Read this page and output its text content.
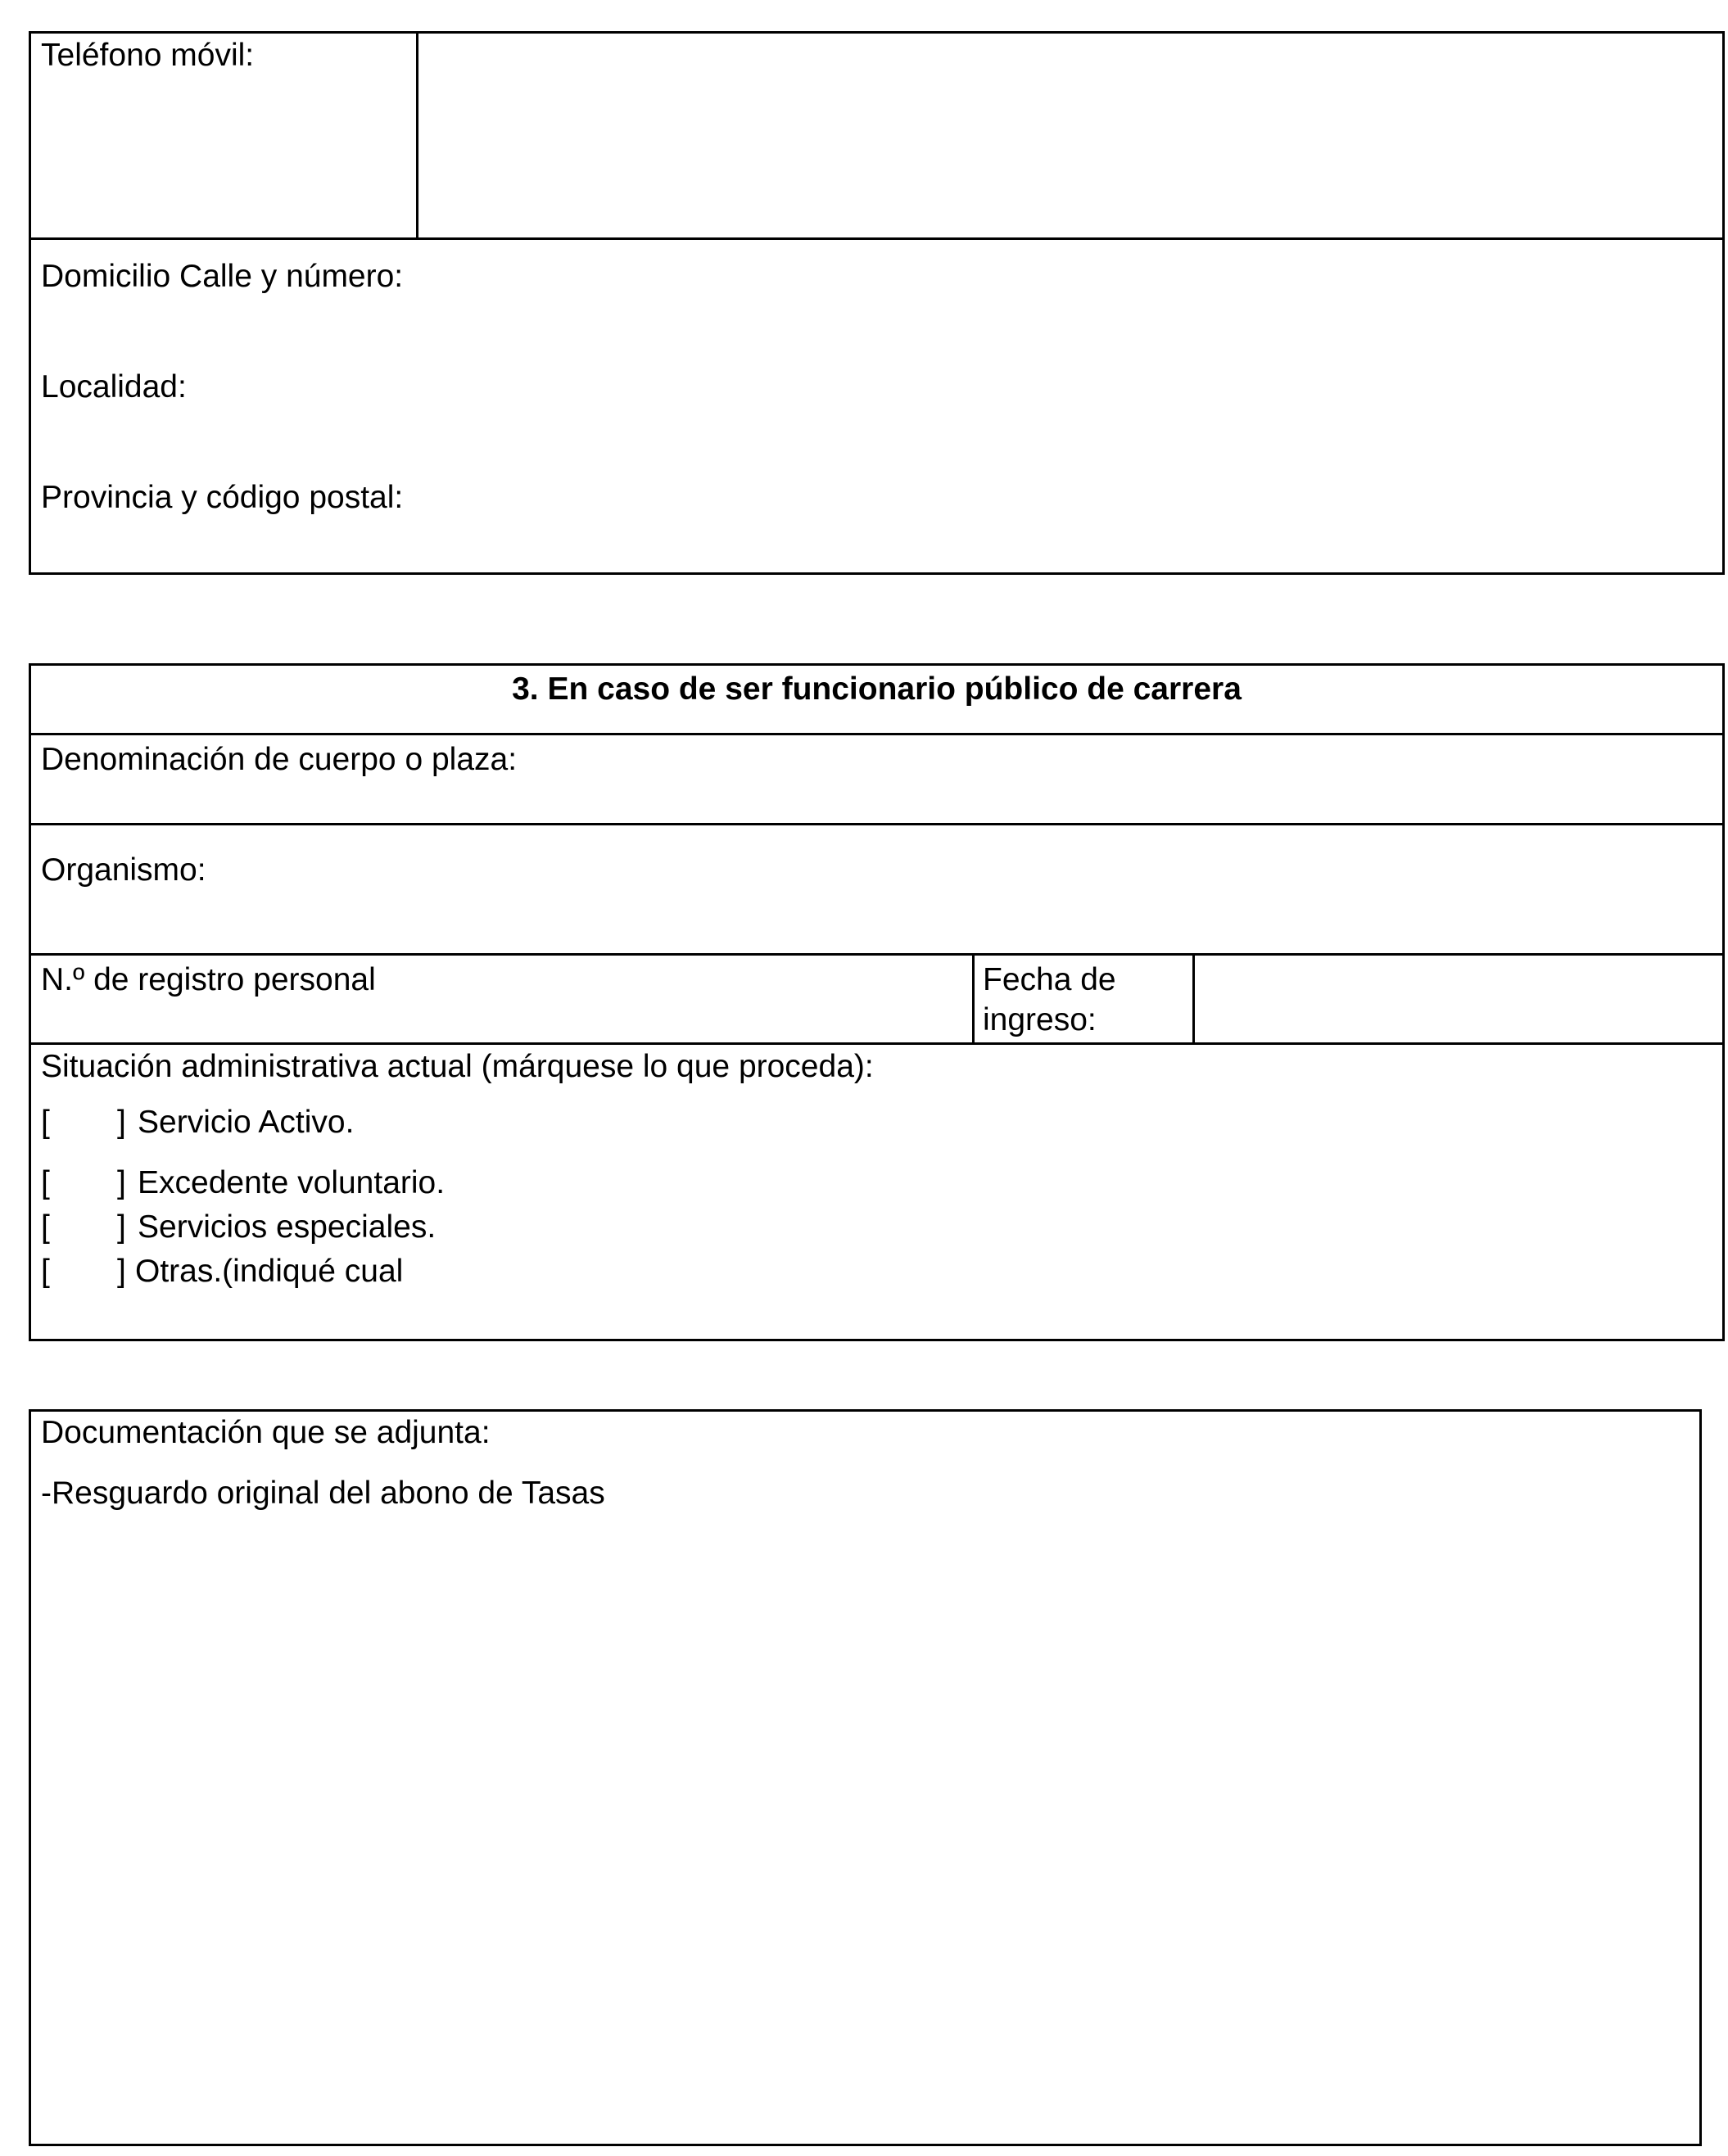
Teléfono móvil:
Domicilio Calle y número:
Localidad:
Provincia y código postal:
3. En caso de ser funcionario público de carrera
Denominación de cuerpo o plaza:
Organismo:
N.º de registro personal	Fecha de
ingreso:
Situación administrativa actual (márquese lo que proceda):
[ ] Servicio Activo.
[ ] Excedente voluntario.
[ ] Servicios especiales.
[ ] Otras.(indiqué cual
Documentación que se adjunta:
-Resguardo original del abono de Tasas
